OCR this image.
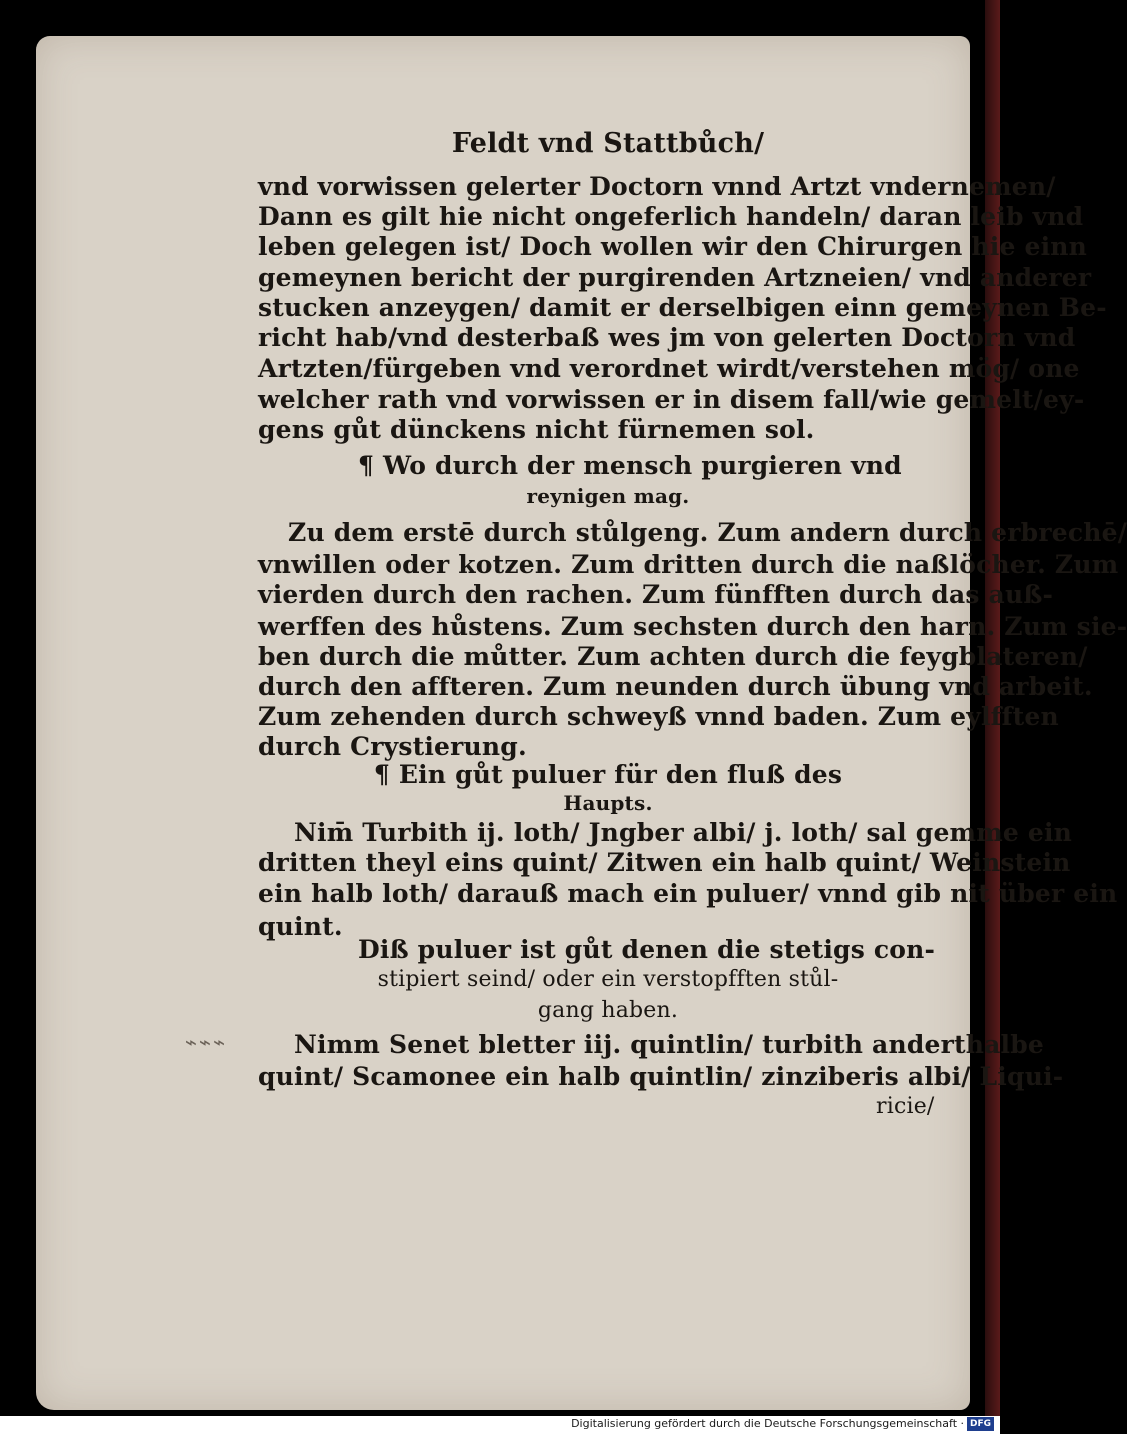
Feldt vnd Stattbůch/
vnd vorwissen gelerter Doctorn vnnd Artzt vndernemen/
Dann es gilt hie nicht ongeferlich handeln/ daran leib vnd
leben gelegen ist/ Doch wollen wir den Chirurgen hie einn
gemeynen bericht der purgirenden Artzneien/ vnd anderer
stucken anzeygen/ damit er derselbigen einn gemeynen Be-
richt hab/vnd desterbaß wes jm von gelerten Doctorn vnd
Artzten/fürgeben vnd verordnet wirdt/verstehen mög/ one
welcher rath vnd vorwissen er in disem fall/wie gemelt/ey-
gens gůt dünckens nicht fürnemen sol.
¶ Wo durch der mensch purgieren vnd
reynigen mag.
Zu dem erstē durch stůlgeng. Zum andern durch erbrechē/
vnwillen oder kotzen. Zum dritten durch die naßlöcher. Zum
vierden durch den rachen. Zum fünfften durch das auß-
werffen des hůstens. Zum sechsten durch den harn. Zum sie-
ben durch die můtter. Zum achten durch die feygblateren/
durch den affteren. Zum neunden durch übung vnd arbeit.
Zum zehenden durch schweyß vnnd baden. Zum eylfften
durch Crystierung.
¶ Ein gůt puluer für den fluß des
Haupts.
Nim̄ Turbith ij. loth/ Jngber albi/ j. loth/ sal gemme ein
dritten theyl eins quint/ Zitwen ein halb quint/ Weinstein
ein halb loth/ darauß mach ein puluer/ vnnd gib nit über ein
quint.
Diß puluer ist gůt denen die stetigs con-
stipiert seind/ oder ein verstopfften stůl-
gang haben.
Nimm Senet bletter iij. quintlin/ turbith anderthalbe
quint/ Scamonee ein halb quintlin/ zinziberis albi/ Liqui-
ricie/
⌁⌁⌁
Digitalisierung gefördert durch die Deutsche Forschungsgemeinschaft · DFG
